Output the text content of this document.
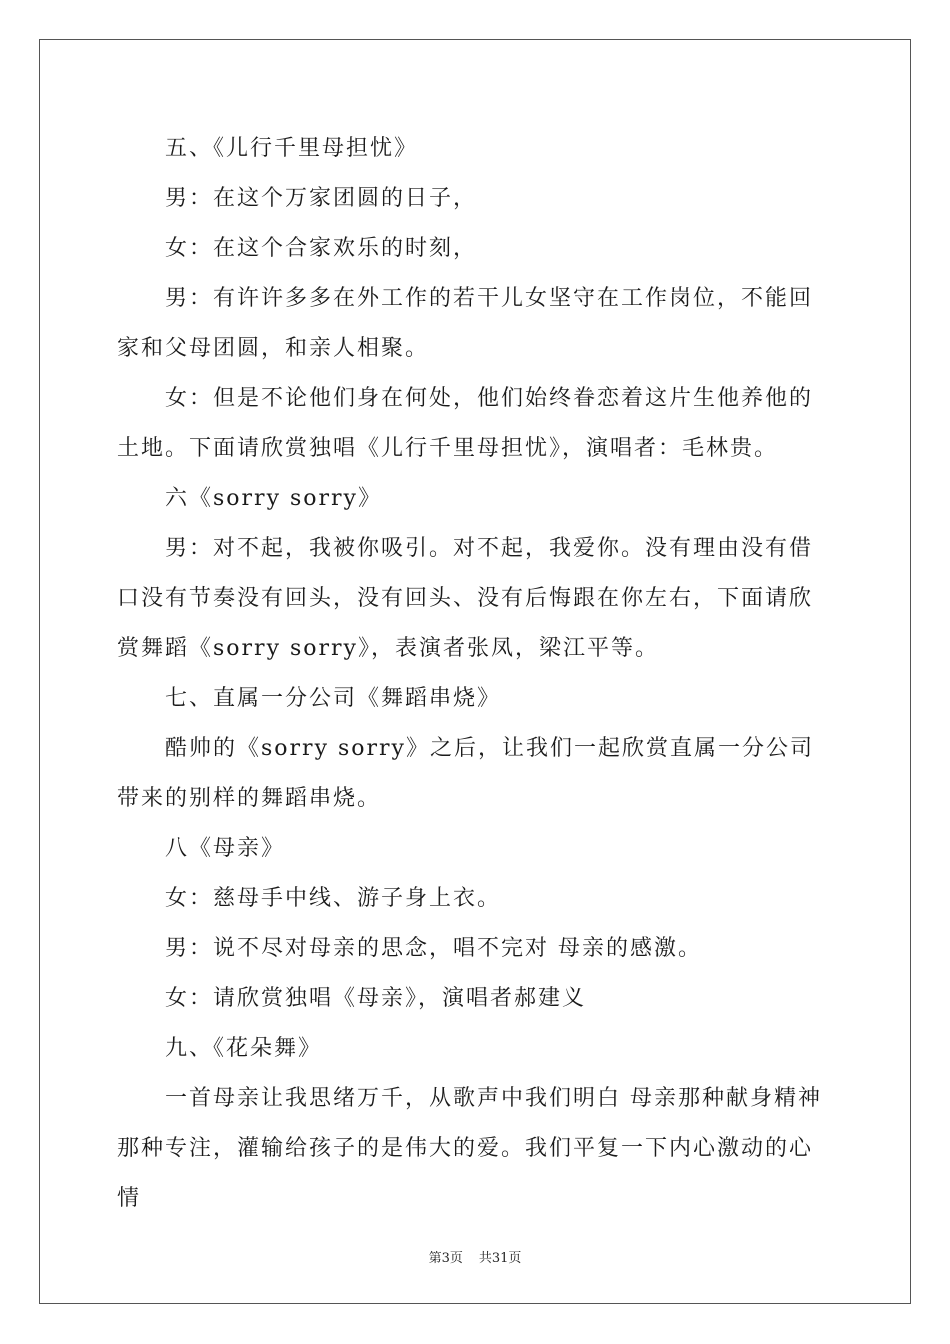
五、《儿行千里母担忧》

男：在这个万家团圆的日子，

女：在这个合家欢乐的时刻，

男：有许许多多在外工作的若干儿女坚守在工作岗位，不能回家和父母团圆，和亲人相聚。

女：但是不论他们身在何处，他们始终眷恋着这片生他养他的土地。下面请欣赏独唱《儿行千里母担忧》，演唱者：毛林贵。

六《sorry sorry》

男：对不起，我被你吸引。对不起，我爱你。没有理由没有借口没有节奏没有回头，没有回头、没有后悔跟在你左右，下面请欣赏舞蹈《sorry sorry》，表演者张凤，梁江平等。

七、直属一分公司《舞蹈串烧》

酷帅的《sorry sorry》之后，让我们一起欣赏直属一分公司带来的别样的舞蹈串烧。

八《母亲》

女：慈母手中线、游子身上衣。

男：说不尽对母亲的思念，唱不完对 母亲的感激。

女：请欣赏独唱《母亲》，演唱者郝建义

九、《花朵舞》

一首母亲让我思绪万千，从歌声中我们明白 母亲那种献身精神那种专注，灌输给孩子的是伟大的爱。我们平复一下内心激动的心情

第3页 共31页
